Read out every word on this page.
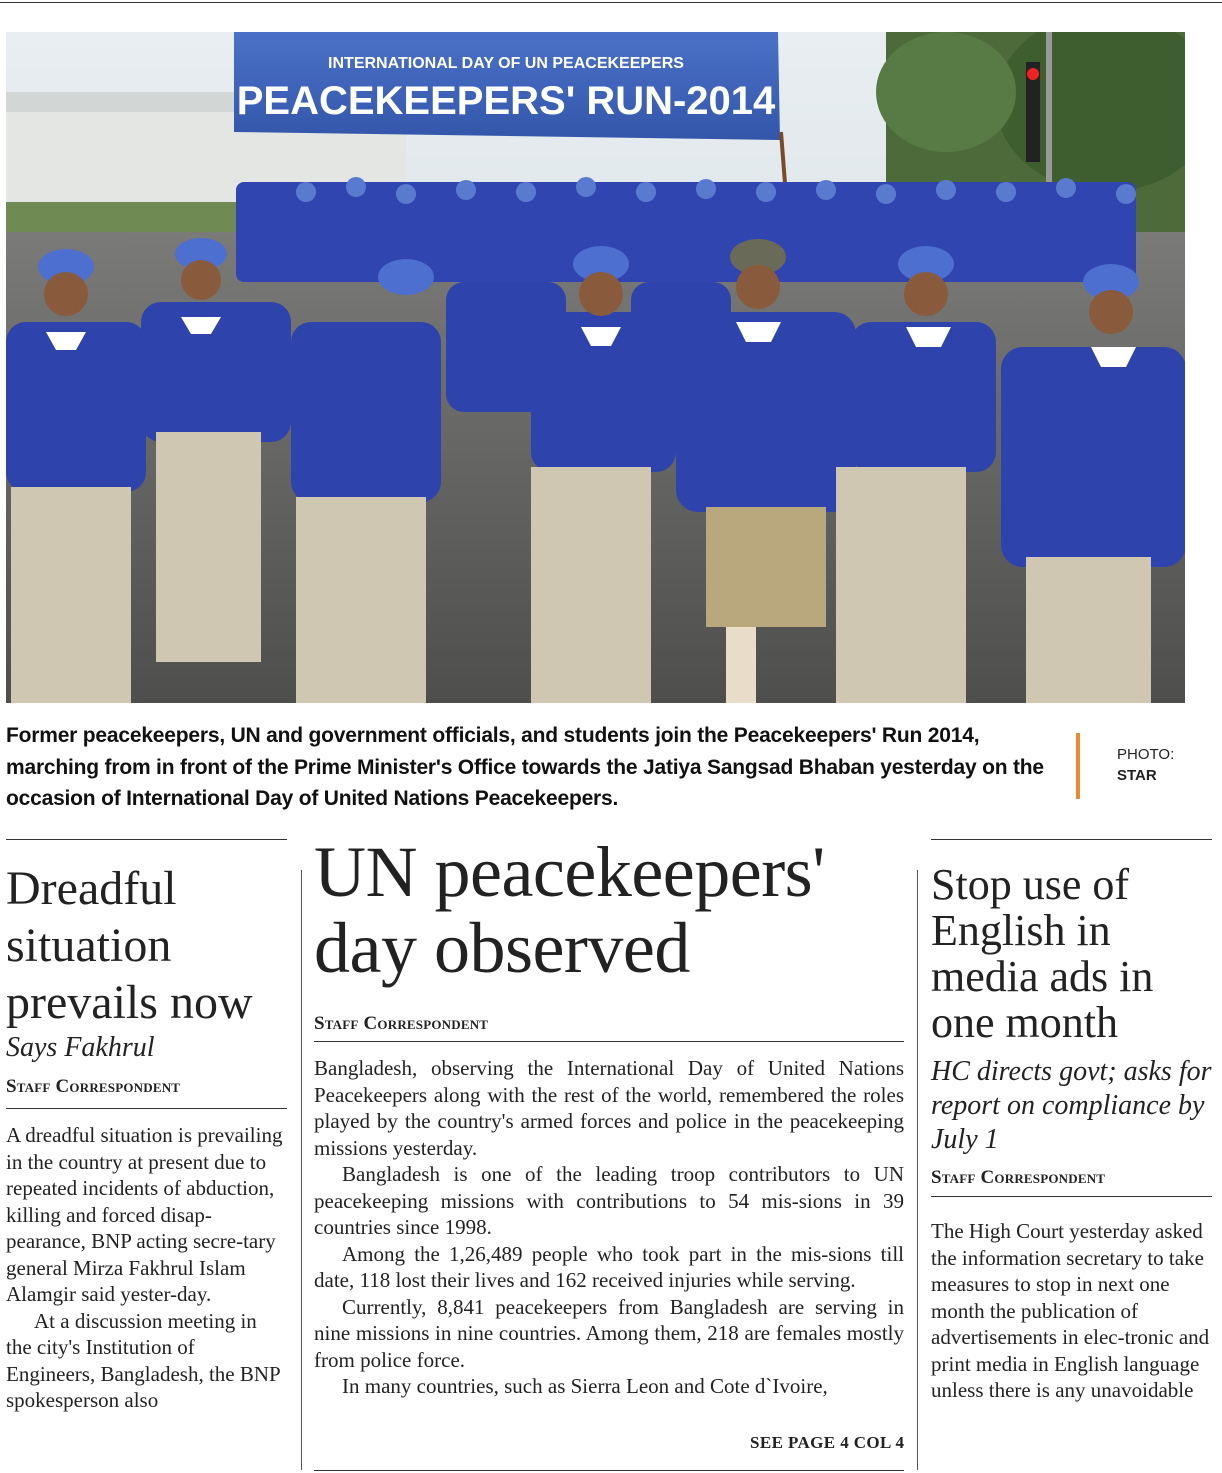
INTERNATIONAL DAY OF UN PEACEKEEPERS
PEACEKEEPERS' RUN-2014
Former peacekeepers, UN and government officials, and students join the Peacekeepers' Run 2014, marching from in front of the Prime Minister's Office towards the Jatiya Sangsad Bhaban yesterday on the occasion of International Day of United Nations Peacekeepers.
PHOTO:
STAR
Dreadful situation prevails now
Says Fakhrul
Staff Correspondent

A dreadful situation is prevailing in the country at present due to repeated incidents of abduction, killing and forced disap-pearance, BNP acting secre-tary general Mirza Fakhrul Islam Alamgir said yester-day.

At a discussion meeting in the city's Institution of Engineers, Bangladesh, the BNP spokesperson also

UN peacekeepers' day observed
Staff Correspondent

Bangladesh, observing the International Day of United Nations Peacekeepers along with the rest of the world, remembered the roles played by the country's armed forces and police in the peacekeeping missions yesterday.

Bangladesh is one of the leading troop contributors to UN peacekeeping missions with contributions to 54 mis-sions in 39 countries since 1998.

Among the 1,26,489 people who took part in the mis-sions till date, 118 lost their lives and 162 received injuries while serving.

Currently, 8,841 peacekeepers from Bangladesh are serving in nine missions in nine countries. Among them, 218 are females mostly from police force.

In many countries, such as Sierra Leon and Cote d`Ivoire,

SEE PAGE 4 COL 4
Stop use of English in media ads in one month
HC directs govt; asks for report on compliance by July 1
Staff Correspondent

The High Court yesterday asked the information secretary to take measures to stop in next one month the publication of advertisements in elec-tronic and print media in English language unless there is any unavoidable
